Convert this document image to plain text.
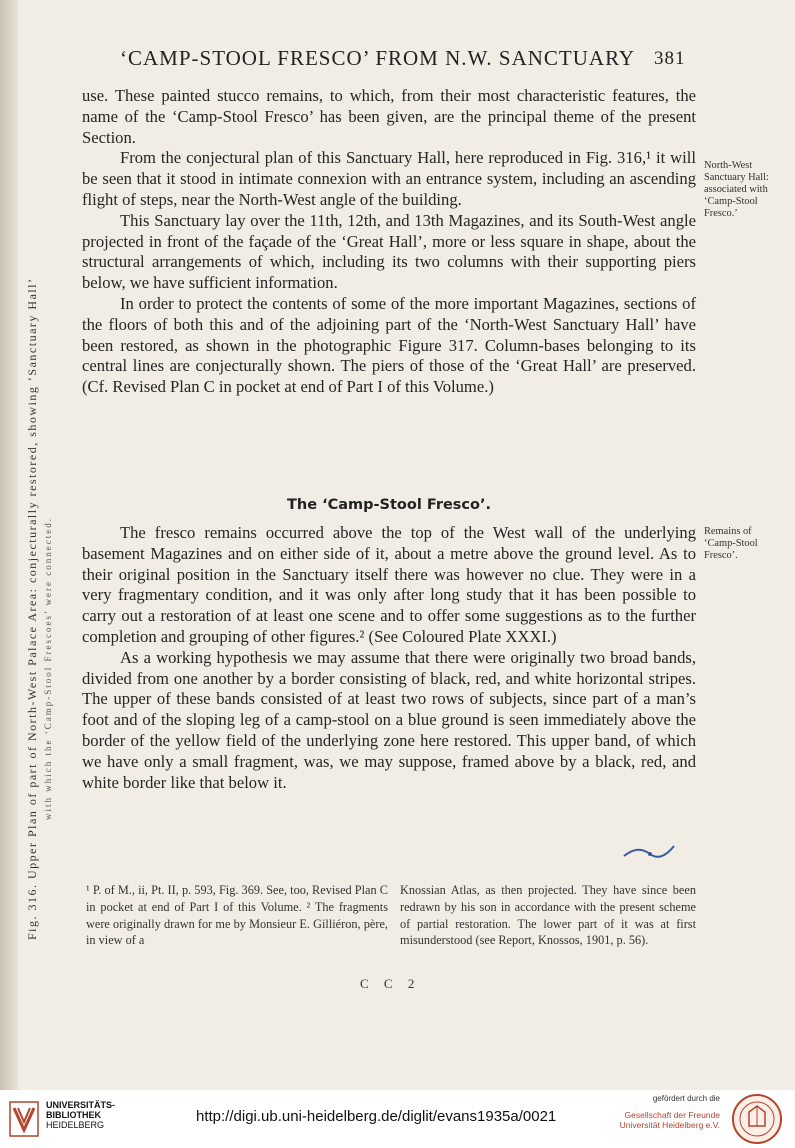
Fig. 316. Upper Plan of part of North-West Palace Area: conjecturally restored, showing ‘Sanctuary Hall’ with which the ‘Camp-Stool Frescoes’ were connected.
‘CAMP-STOOL FRESCO’ FROM N.W. SANCTUARY 381

use. These painted stucco remains, to which, from their most characteristic features, the name of the ‘Camp-Stool Fresco’ has been given, are the principal theme of the present Section.

From the conjectural plan of this Sanctuary Hall, here reproduced in Fig. 316,¹ it will be seen that it stood in intimate connexion with an entrance system, including an ascending flight of steps, near the North-West angle of the building.

This Sanctuary lay over the 11th, 12th, and 13th Magazines, and its South-West angle projected in front of the façade of the ‘Great Hall’, more or less square in shape, about the structural arrangements of which, including its two columns with their supporting piers below, we have sufficient information.

In order to protect the contents of some of the more important Magazines, sections of the floors of both this and of the adjoining part of the ‘North-West Sanctuary Hall’ have been restored, as shown in the photographic Figure 317. Column-bases belonging to its central lines are conjecturally shown. The piers of those of the ‘Great Hall’ are preserved. (Cf. Revised Plan C in pocket at end of Part I of this Volume.)

The ‘Camp-Stool Fresco’.

The fresco remains occurred above the top of the West wall of the underlying basement Magazines and on either side of it, about a metre above the ground level. As to their original position in the Sanctuary itself there was however no clue. They were in a very fragmentary condition, and it was only after long study that it has been possible to carry out a restoration of at least one scene and to offer some suggestions as to the further completion and grouping of other figures.² (See Coloured Plate XXXI.)

As a working hypothesis we may assume that there were originally two broad bands, divided from one another by a border consisting of black, red, and white horizontal stripes. The upper of these bands consisted of at least two rows of subjects, since part of a man’s foot and of the sloping leg of a camp-stool on a blue ground is seen immediately above the border of the yellow field of the underlying zone here restored. This upper band, of which we have only a small fragment, was, we may suppose, framed above by a black, red, and white border like that below it.

North-West Sanctuary Hall: associated with ‘Camp-Stool Fresco.’
Remains of ‘Camp-Stool Fresco’.
¹ P. of M., ii, Pt. II, p. 593, Fig. 369. See, too, Revised Plan C in pocket at end of Part I of this Volume. ² The fragments were originally drawn for me by Monsieur E. Gilliéron, père, in view of a
Knossian Atlas, as then projected. They have since been redrawn by his son in accordance with the present scheme of partial restoration. The lower part of it was at first misunderstood (see Report, Knossos, 1901, p. 56).
C C 2
UNIVERSITÄTS-
BIBLIOTHEK
HEIDELBERG	http://digi.ub.uni-heidelberg.de/diglit/evans1935a/0021
gefördert durch die
Gesellschaft der Freunde
Universität Heidelberg e.V.
